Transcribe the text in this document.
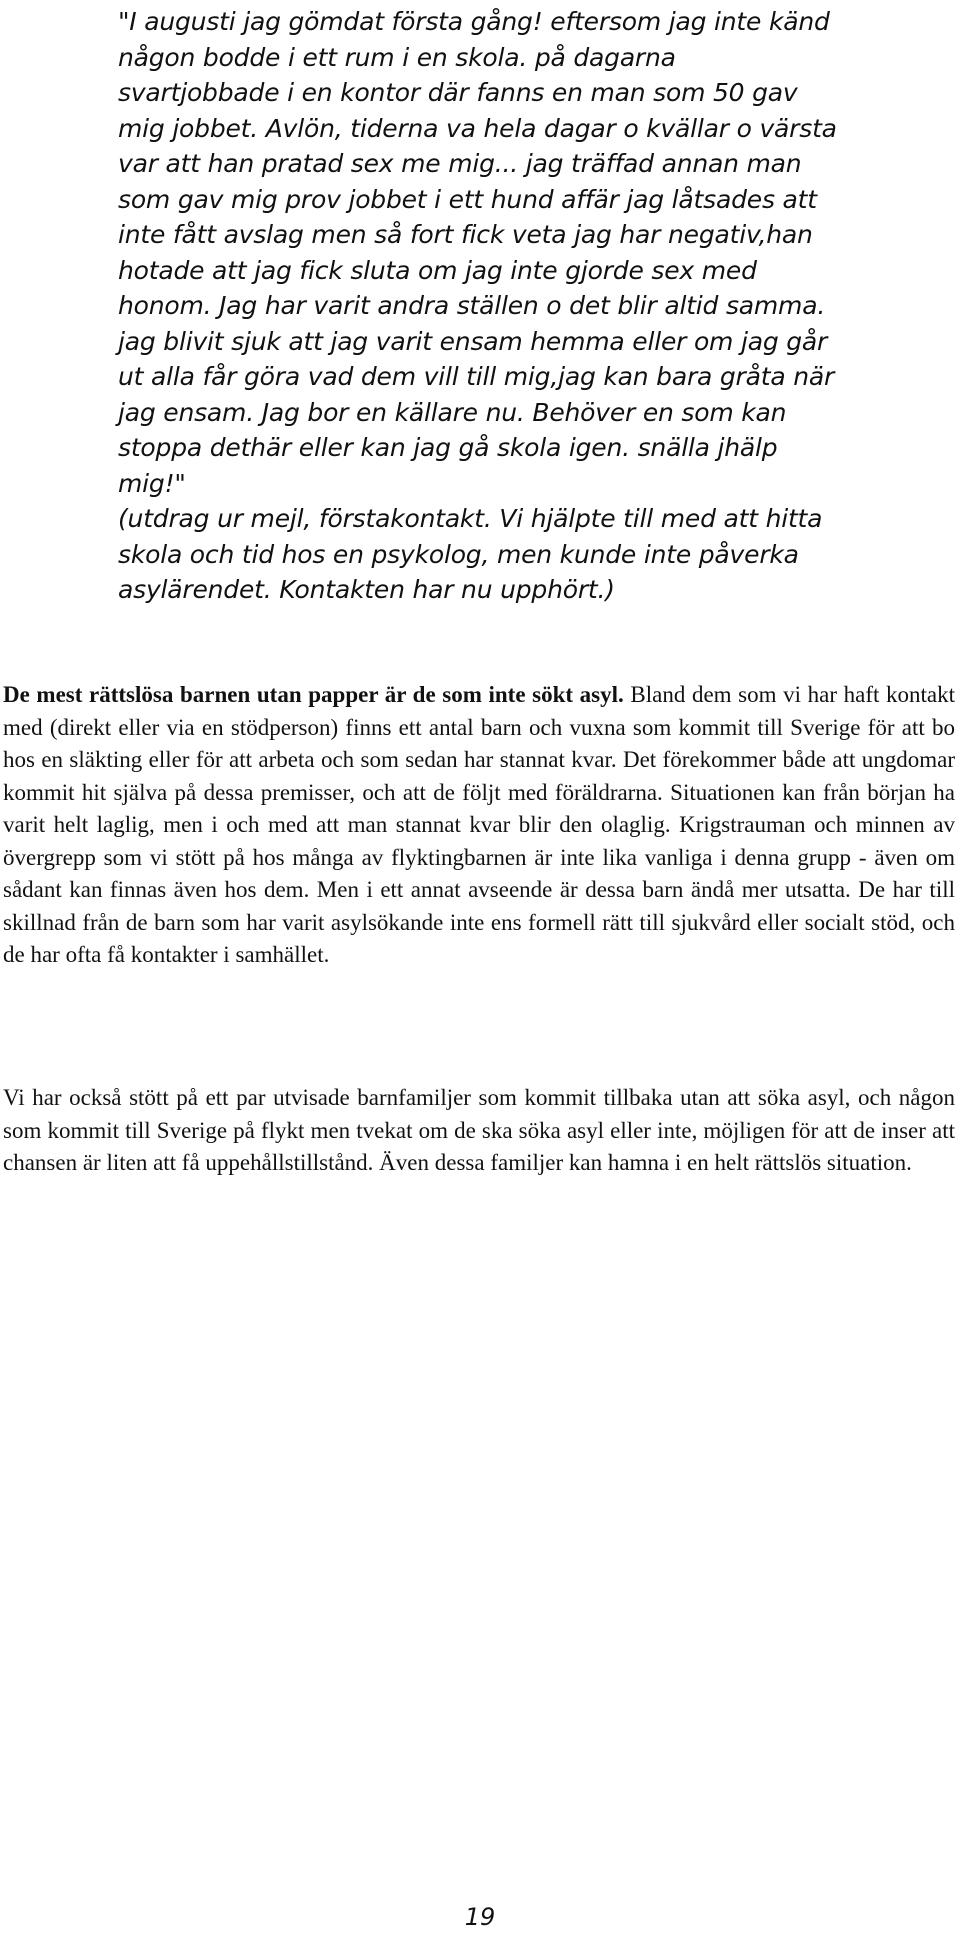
"I augusti jag gömdat första gång! eftersom jag inte känd någon bodde i ett rum i en skola. på dagarna svartjobbade i en kontor där fanns en man som 50 gav mig jobbet. Avlön, tiderna va hela dagar o kvällar o värsta var att han pratad sex me mig... jag träffad annan man som gav mig prov jobbet i ett hund affär jag låtsades att inte fått avslag men så fort fick veta jag har negativ,han hotade att jag fick sluta om jag inte gjorde sex med honom. Jag har varit andra ställen o det blir altid samma. jag blivit sjuk att jag varit ensam hemma eller om jag går ut alla får göra vad dem vill till mig,jag kan bara gråta när jag ensam. Jag bor en källare nu. Behöver en som kan stoppa dethär eller kan jag gå skola igen. snälla jhälp mig!"

(utdrag ur mejl, förstakontakt. Vi hjälpte till med att hitta skola och tid hos en psykolog, men kunde inte påverka asylärendet. Kontakten har nu upphört.)

De mest rättslösa barnen utan papper är de som inte sökt asyl. Bland dem som vi har haft kontakt med (direkt eller via en stödperson) finns ett antal barn och vuxna som kommit till Sverige för att bo hos en släkting eller för att arbeta och som sedan har stannat kvar. Det förekommer både att ungdomar kommit hit själva på dessa premisser, och att de följt med föräldrarna. Situationen kan från början ha varit helt laglig, men i och med att man stannat kvar blir den olaglig. Krigstrauman och minnen av övergrepp som vi stött på hos många av flyktingbarnen är inte lika vanliga i denna grupp - även om sådant kan finnas även hos dem. Men i ett annat avseende är dessa barn ändå mer utsatta. De har till skillnad från de barn som har varit asylsökande inte ens formell rätt till sjukvård eller socialt stöd, och de har ofta få kontakter i samhället.

Vi har också stött på ett par utvisade barnfamiljer som kommit tillbaka utan att söka asyl, och någon som kommit till Sverige på flykt men tvekat om de ska söka asyl eller inte, möjligen för att de inser att chansen är liten att få uppehållstillstånd. Även dessa familjer kan hamna i en helt rättslös situation.

19
